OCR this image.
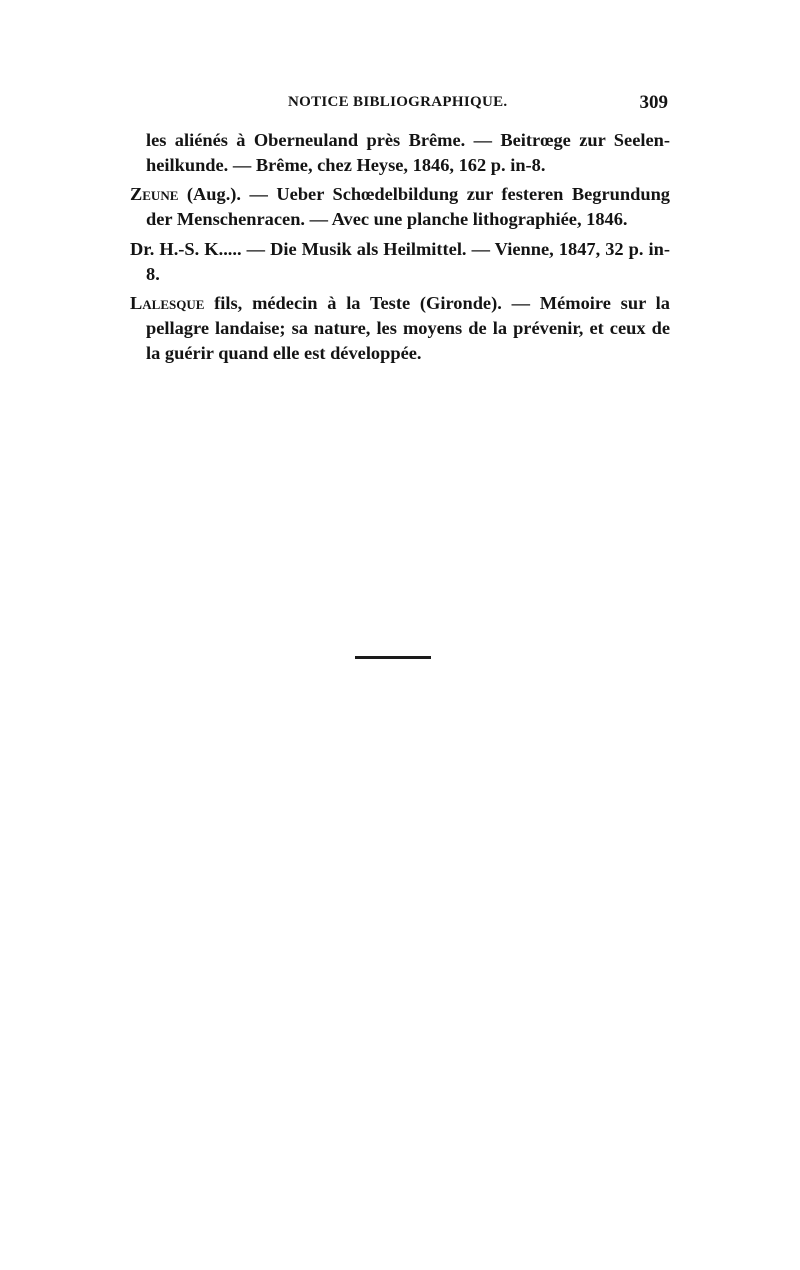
NOTICE BIBLIOGRAPHIQUE.	309

les aliénés à Oberneuland près Brême. — Beitrœge zur Seelen-heilkunde. — Brême, chez Heyse, 1846, 162 p. in-8.

Zeune (Aug.). — Ueber Schœdelbildung zur festeren Begrundung der Menschenracen. — Avec une planche lithographiée, 1846.

Dr. H.-S. K..... — Die Musik als Heilmittel. — Vienne, 1847, 32 p. in-8.

Lalesque fils, médecin à la Teste (Gironde). — Mémoire sur la pellagre landaise; sa nature, les moyens de la prévenir, et ceux de la guérir quand elle est développée.
